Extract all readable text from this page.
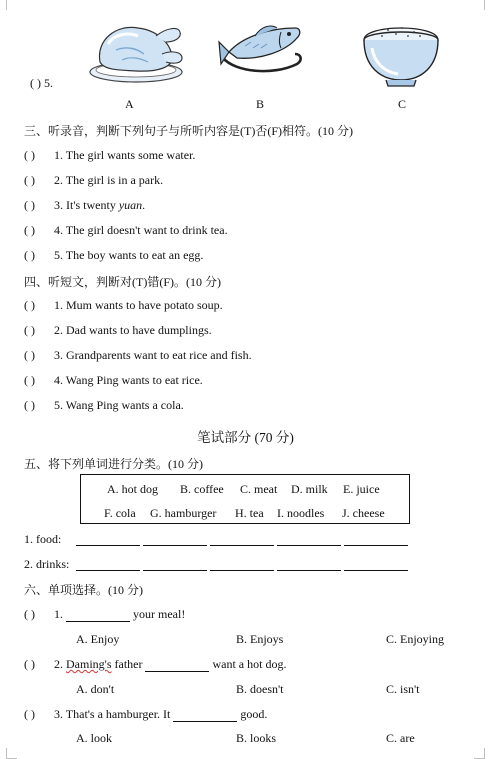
( ) 5.
A	B	C
三、听录音，判断下列句子与所听内容是(T)否(F)相符。(10 分)
( ) 1. The girl wants some water.
( ) 2. The girl is in a park.
( ) 3. It's twenty yuan.
( ) 4. The girl doesn't want to drink tea.
( ) 5. The boy wants to eat an egg.
四、听短文，判断对(T)错(F)。(10 分)
( ) 1. Mum wants to have potato soup.
( ) 2. Dad wants to have dumplings.
( ) 3. Grandparents want to eat rice and fish.
( ) 4. Wang Ping wants to eat rice.
( ) 5. Wang Ping wants a cola.
笔试部分 (70 分)
五、将下列单词进行分类。(10 分)
A. hot dog B. coffee C. meat D. milk E. juice
F. cola G. hamburger H. tea I. noodles J. cheese
1. food:
2. drinks:
六、单项选择。(10 分)
( ) 1.	your meal!
A. Enjoy	B. Enjoys	C. Enjoying
( ) 2. Daming's father	want a hot dog.
A. don't	B. doesn't	C. isn't
( ) 3. That's a hamburger. It	good.
A. look	B. looks	C. are
